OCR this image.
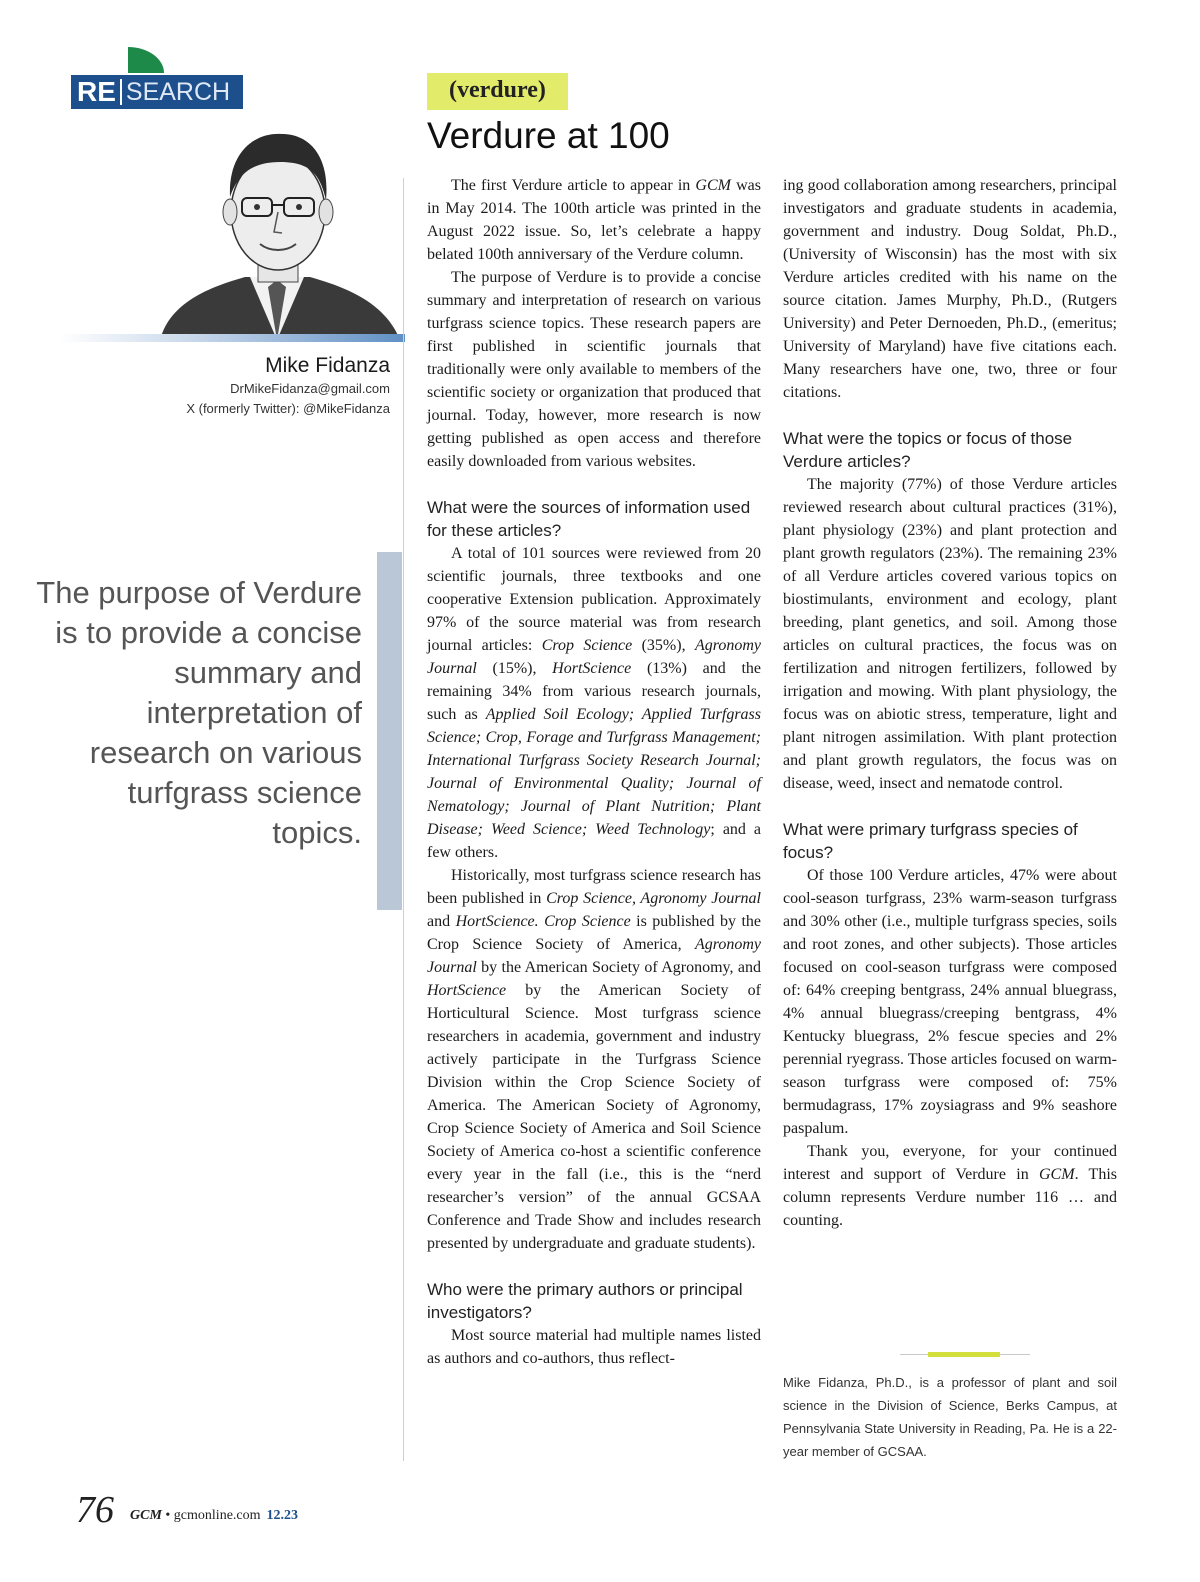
RE SEARCH
Mike Fidanza
DrMikeFidanza@gmail.com
X (formerly Twitter): @MikeFidanza
The purpose of Verdure is to provide a concise summary and interpretation of research on various turfgrass science topics.
(verdure)
Verdure at 100

The first Verdure article to appear in GCM was in May 2014. The 100th article was printed in the August 2022 issue. So, let’s celebrate a happy belated 100th anniversary of the Verdure column.

The purpose of Verdure is to provide a concise summary and interpretation of research on various turfgrass science topics. These research papers are first published in scientific journals that traditionally were only available to members of the scientific society or organization that produced that journal. Today, however, more research is now getting published as open access and therefore easily downloaded from various websites.

What were the sources of information used for these articles?

A total of 101 sources were reviewed from 20 scientific journals, three textbooks and one cooperative Extension publication. Approximately 97% of the source material was from research journal articles: Crop Science (35%), Agronomy Journal (15%), HortScience (13%) and the remaining 34% from various research journals, such as Applied Soil Ecology; Applied Turfgrass Science; Crop, Forage and Turfgrass Management; International Turfgrass Society Research Journal; Journal of Environmental Quality; Journal of Nematology; Journal of Plant Nutrition; Plant Disease; Weed Science; Weed Technology; and a few others.

Historically, most turfgrass science research has been published in Crop Science, Agronomy Journal and HortScience. Crop Science is published by the Crop Science Society of America, Agronomy Journal by the American Society of Agronomy, and HortScience by the American Society of Horticultural Science. Most turfgrass science researchers in academia, government and industry actively participate in the Turfgrass Science Division within the Crop Science Society of America. The American Society of Agronomy, Crop Science Society of America and Soil Science Society of America co-host a scientific conference every year in the fall (i.e., this is the “nerd researcher’s version” of the annual GCSAA Conference and Trade Show and includes research presented by undergraduate and graduate students).

Who were the primary authors or principal investigators?

Most source material had multiple names listed as authors and co-authors, thus reflect-

ing good collaboration among researchers, principal investigators and graduate students in academia, government and industry. Doug Soldat, Ph.D., (University of Wisconsin) has the most with six Verdure articles credited with his name on the source citation. James Murphy, Ph.D., (Rutgers University) and Peter Dernoeden, Ph.D., (emeritus; University of Maryland) have five citations each. Many researchers have one, two, three or four citations.

What were the topics or focus of those Verdure articles?

The majority (77%) of those Verdure articles reviewed research about cultural practices (31%), plant physiology (23%) and plant protection and plant growth regulators (23%). The remaining 23% of all Verdure articles covered various topics on biostimulants, environment and ecology, plant breeding, plant genetics, and soil. Among those articles on cultural practices, the focus was on fertilization and nitrogen fertilizers, followed by irrigation and mowing. With plant physiology, the focus was on abiotic stress, temperature, light and plant nitrogen assimilation. With plant protection and plant growth regulators, the focus was on disease, weed, insect and nematode control.

What were primary turfgrass species of focus?

Of those 100 Verdure articles, 47% were about cool-season turfgrass, 23% warm-season turfgrass and 30% other (i.e., multiple turfgrass species, soils and root zones, and other subjects). Those articles focused on cool-season turfgrass were composed of: 64% creeping bentgrass, 24% annual bluegrass, 4% annual bluegrass/creeping bentgrass, 4% Kentucky bluegrass, 2% fescue species and 2% perennial ryegrass. Those articles focused on warm-season turfgrass were composed of: 75% bermudagrass, 17% zoysiagrass and 9% seashore paspalum.

Thank you, everyone, for your continued interest and support of Verdure in GCM. This column represents Verdure number 116 … and counting.

Mike Fidanza, Ph.D., is a professor of plant and soil science in the Division of Science, Berks Campus, at Pennsylvania State University in Reading, Pa. He is a 22-year member of GCSAA.
76 GCM • gcmonline.com 12.23
